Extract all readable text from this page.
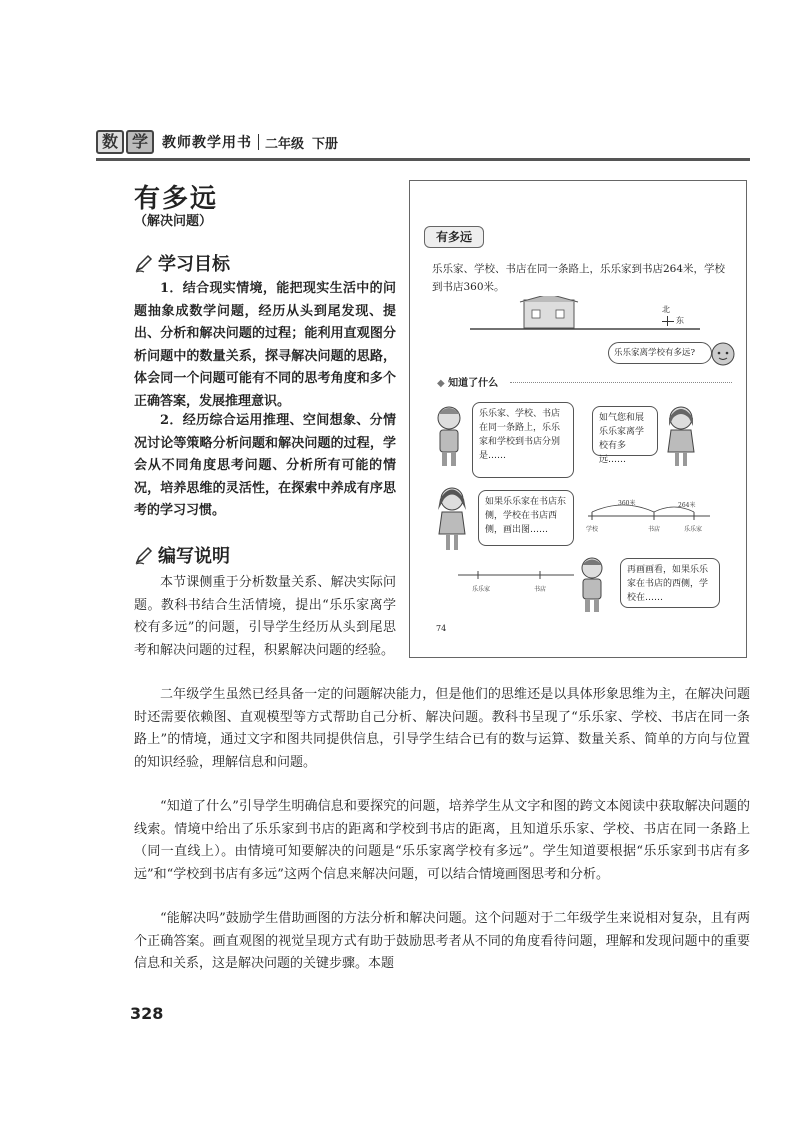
数 学	教师教学用书 二年级 下册
有多远
（解决问题）
学习目标
1．结合现实情境，能把现实生活中的问题抽象成数学问题，经历从头到尾发现、提出、分析和解决问题的过程；能利用直观图分析问题中的数量关系，探寻解决问题的思路，体会同一个问题可能有不同的思考角度和多个正确答案，发展推理意识。
2．经历综合运用推理、空间想象、分情况讨论等策略分析问题和解决问题的过程，学会从不同角度思考问题、分析所有可能的情况，培养思维的灵活性，在探索中养成有序思考的学习习惯。
编写说明
本节课侧重于分析数量关系、解决实际问题。教科书结合生活情境，提出“乐乐家离学校有多远”的问题，引导学生经历从头到尾思考和解决问题的过程，积累解决问题的经验。
二年级学生虽然已经具备一定的问题解决能力，但是他们的思维还是以具体形象思维为主，在解决问题时还需要依赖图、直观模型等方式帮助自己分析、解决问题。教科书呈现了“乐乐家、学校、书店在同一条路上”的情境，通过文字和图共同提供信息，引导学生结合已有的数与运算、数量关系、简单的方向与位置的知识经验，理解信息和问题。
“知道了什么”引导学生明确信息和要探究的问题，培养学生从文字和图的跨文本阅读中获取解决问题的线索。情境中给出了乐乐家到书店的距离和学校到书店的距离，且知道乐乐家、学校、书店在同一条路上（同一直线上）。由情境可知要解决的问题是“乐乐家离学校有多远”。学生知道要根据“乐乐家到书店有多远”和“学校到书店有多远”这两个信息来解决问题，可以结合情境画图思考和分析。
“能解决吗”鼓励学生借助画图的方法分析和解决问题。这个问题对于二年级学生来说相对复杂，且有两个正确答案。画直观图的视觉呈现方式有助于鼓励思考者从不同的角度看待问题，理解和发现问题中的重要信息和关系，这是解决问题的关键步骤。本题
328
有多远
乐乐家、学校、书店在同一条路上，乐乐家到书店264米，学校到书店360米。
北
东
乐乐家离学校有多远?
◆ 知道了什么
乐乐家、学校、书店在同一条路上，乐乐家和学校到书店分别是……
如气您和展乐乐家离学校有多远……
如果乐乐家在书店东侧，学校在书店西侧，画出图……
360米	264米
学校	书店	乐乐家
乐乐家	书店
再画画看，如果乐乐家在书店的西侧，学校在……
74
